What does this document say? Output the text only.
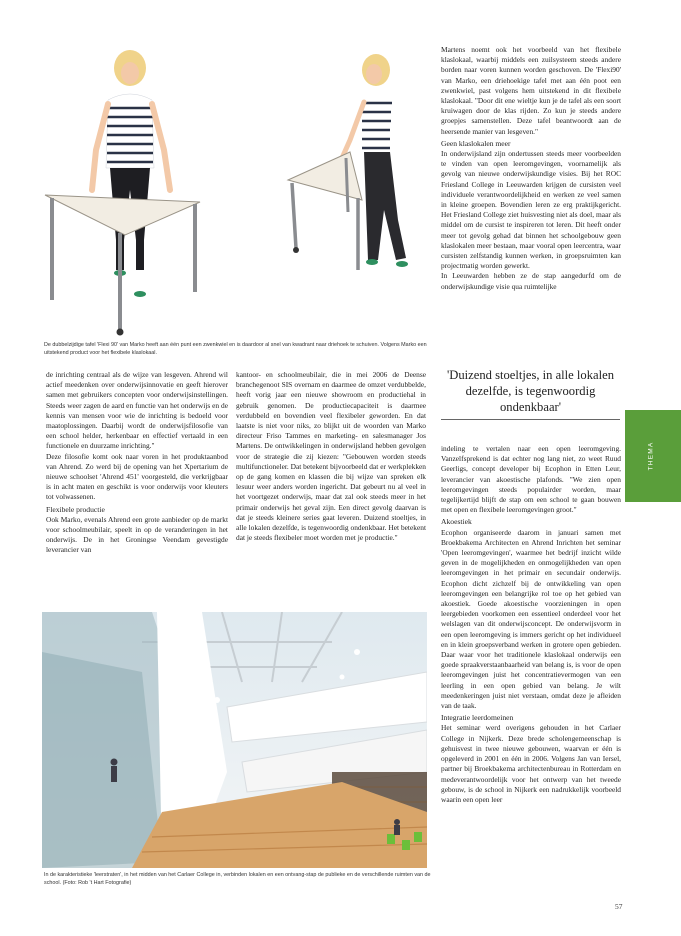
De dubbelzijdige tafel 'Flexi 90' van Marko heeft aan één punt een zwenkwiel en is daardoor al snel van kwadrant naar driehoek te schuiven. Volgens Marko een uitstekend product voor het flexibele klaslokaal.

de inrichting centraal als de wijze van lesgeven. Ahrend wil actief meedenken over onderwijsinnovatie en geeft hierover samen met gebruikers concepten voor onderwijsinstellingen. Steeds weer zagen de aard en functie van het onderwijs en de kennis van mensen voor wie de inrichting is bedoeld voor maatoplossingen. Daarbij wordt de onderwijsfilosofie van een school helder, herkenbaar en effectief vertaald in een functionele en duurzame inrichting."

Deze filosofie komt ook naar voren in het produktaanbod van Ahrend. Zo werd bij de opening van het Xpertarium de nieuwe schoolset 'Ahrend 451' voorgesteld, die verkrijgbaar is in acht maten en geschikt is voor onderwijs voor kleuters tot volwassenen.

Flexibele productie

Ook Marko, evenals Ahrend een grote aanbieder op de markt voor schoolmeubilair, speelt in op de veranderingen in het onderwijs. De in het Groningse Veendam gevestigde leverancier van

kantoor- en schoolmeubilair, die in mei 2006 de Deense branchegenoot SIS overnam en daarmee de omzet verdubbelde, heeft vorig jaar een nieuwe showroom en productiehal in gebruik genomen. De productiecapaciteit is daarmee verdubbeld en bovendien veel flexibeler geworden. En dat laatste is niet voor niks, zo blijkt uit de woorden van Marko directeur Friso Tammes en marketing- en salesmanager Jos Martens. De ontwikkelingen in onderwijsland hebben gevolgen voor de strategie die zij kiezen: "Gebouwen worden steeds multifunctioneler. Dat betekent bijvoorbeeld dat er werkplekken op de gang komen en klassen die bij wijze van spreken elk lesuur weer anders worden ingericht. Dat gebeurt nu al veel in het voortgezet onderwijs, maar dat zal ook steeds meer in het primair onderwijs het geval zijn. Een direct gevolg daarvan is dat je steeds kleinere series gaat leveren. Duizend stoeltjes, in alle lokalen dezelfde, is tegenwoordig ondenkbaar. Het betekent dat je steeds flexibeler moet worden met je productie."

Martens noemt ook het voorbeeld van het flexibele klaslokaal, waarbij middels een zuilsysteem steeds andere borden naar voren kunnen worden geschoven. De 'Flexi90' van Marko, een driehoekige tafel met aan één poot een zwenkwiel, past volgens hem uitstekend in dit flexibele klaslokaal. "Door dit ene wieltje kun je de tafel als een soort kruiwagen door de klas rijden. Zo kun je steeds andere groepjes samenstellen. Deze tafel beantwoordt aan de heersende manier van lesgeven."

Geen klaslokalen meer

In onderwijsland zijn ondertussen steeds meer voorbeelden te vinden van open leeromgevingen, voornamelijk als gevolg van nieuwe onderwijskundige visies. Bij het ROC Friesland College in Leeuwarden krijgen de cursisten veel individuele verantwoordelijkheid en werken ze veel samen in kleine groepen. Bovendien leren ze erg praktijkgericht. Het Friesland College ziet huisvesting niet als doel, maar als middel om de cursist te inspireren tot leren. Dit heeft onder meer tot gevolg gehad dat binnen het schoolgebouw geen klaslokalen meer bestaan, maar vooral open leercentra, waar cursisten zelfstandig kunnen werken, in groepsruimten kan projectmatig worden gewerkt.

In Leeuwarden hebben ze de stap aangedurfd om de onderwijskundige visie qua ruimtelijke

'Duizend stoeltjes, in alle lokalen dezelfde, is tegenwoordig ondenkbaar'

indeling te vertalen naar een open leeromgeving. Vanzelfsprekend is dat echter nog lang niet, zo weet Ruud Geerligs, concept developer bij Ecophon in Etten Leur, leverancier van akoestische plafonds. "We zien open leeromgevingen steeds populairder worden, maar tegelijkertijd blijft de stap om een school te gaan bouwen met open en flexibele leeromgevingen groot."

Akoestiek

Ecophon organiseerde daarom in januari samen met Broekbakema Architecten en Ahrend Inrichten het seminar 'Open leeromgevingen', waarmee het bedrijf inzicht wilde geven in de mogelijkheden en onmogelijkheden van open leeromgevingen in het primair en secundair onderwijs. Ecophon dicht zichzelf bij de ontwikkeling van open leeromgevingen een belangrijke rol toe op het gebied van akoestiek. Goede akoestische voorzieningen in open leergebieden voorkomen een essentieel onderdeel voor het welslagen van dit onderwijsconcept. De onderwijsvorm in een open leeromgeving is immers gericht op het individueel en in klein groepsverband werken in grotere open gebieden. Daar waar voor het traditionele klaslokaal onderwijs een goede spraakverstaanbaarheid van belang is, is voor de open leeromgevingen juist het concentratievermogen van een leerling in een open gebied van belang. Je wilt meedenkeringen juist niet verstaan, omdat deze je afleiden van de taak.

Integratie leerdomeinen

Het seminar werd overigens gehouden in het Carlaer College in Nijkerk. Deze brede scholengemeenschap is gehuisvest in twee nieuwe gebouwen, waarvan er één is opgeleverd in 2001 en één in 2006. Volgens Jan van Iersel, partner bij Broekbakema architectenbureau in Rotterdam en medeverantwoordelijk voor het ontwerp van het tweede gebouw, is de school in Nijkerk een nadrukkelijk voorbeeld waarin een open leer

In de karakteristieke 'leerstraten', in het midden van het Carlaer College in, verbinden lokalen en een ontvang-stap de publieke en de verschillende ruimten van de school. (Foto: Rob 't Hart Fotografie)
THEMA
57
